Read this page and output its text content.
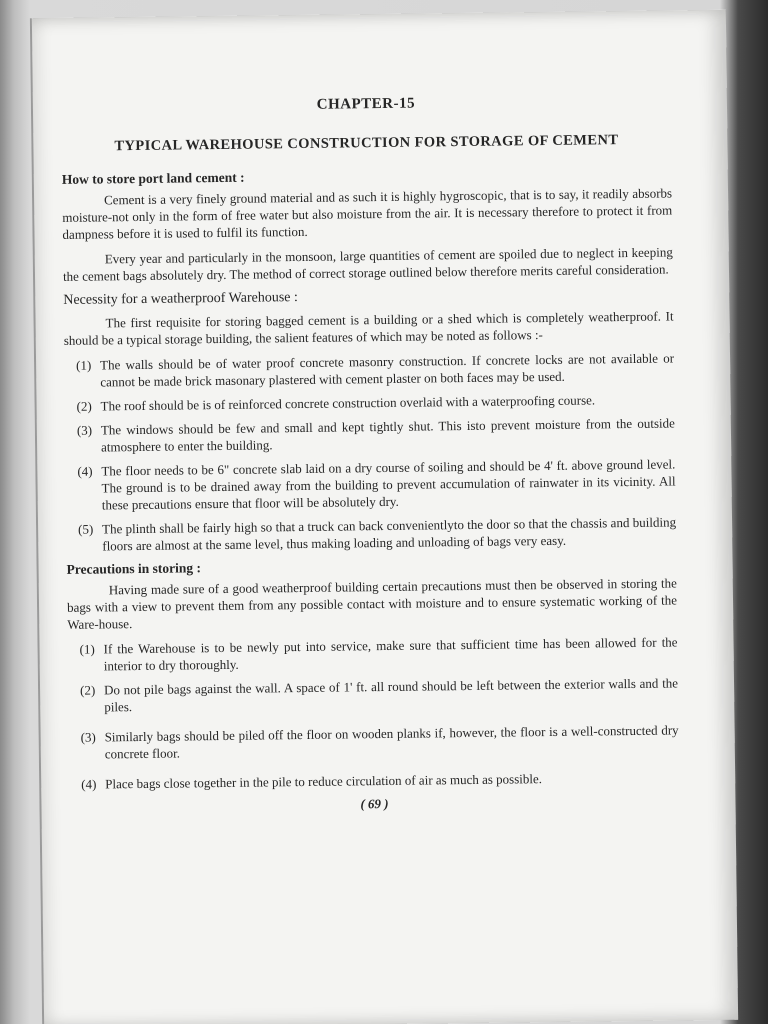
CHAPTER-15
TYPICAL WAREHOUSE CONSTRUCTION FOR STORAGE OF CEMENT
How to store port land cement :

Cement is a very finely ground material and as such it is highly hygroscopic, that is to say, it readily absorbs moisture-not only in the form of free water but also moisture from the air. It is necessary therefore to protect it from dampness before it is used to fulfil its function.

Every year and particularly in the monsoon, large quantities of cement are spoiled due to neglect in keeping the cement bags absolutely dry. The method of correct storage outlined below therefore merits careful consideration.

Necessity for a weatherproof Warehouse :

The first requisite for storing bagged cement is a building or a shed which is completely weatherproof. It should be a typical storage building, the salient features of which may be noted as follows :-

(1) The walls should be of water proof concrete masonry construction. If concrete locks are not available or cannot be made brick masonary plastered with cement plaster on both faces may be used.
(2) The roof should be is of reinforced concrete construction overlaid with a waterproofing course.
(3) The windows should be few and small and kept tightly shut. This isto prevent moisture from the outside atmosphere to enter the building.
(4) The floor needs to be 6" concrete slab laid on a dry course of soiling and should be 4' ft. above ground level. The ground is to be drained away from the building to prevent accumulation of rainwater in its vicinity. All these precautions ensure that floor will be absolutely dry.
(5) The plinth shall be fairly high so that a truck can back convenientlyto the door so that the chassis and building floors are almost at the same level, thus making loading and unloading of bags very easy.
Precautions in storing :

Having made sure of a good weatherproof building certain precautions must then be observed in storing the bags with a view to prevent them from any possible contact with moisture and to ensure systematic working of the Ware-house.

(1) If the Warehouse is to be newly put into service, make sure that sufficient time has been allowed for the interior to dry thoroughly.
(2) Do not pile bags against the wall. A space of 1' ft. all round should be left between the exterior walls and the piles.
(3) Similarly bags should be piled off the floor on wooden planks if, however, the floor is a well-constructed dry concrete floor.
(4) Place bags close together in the pile to reduce circulation of air as much as possible.
( 69 )
